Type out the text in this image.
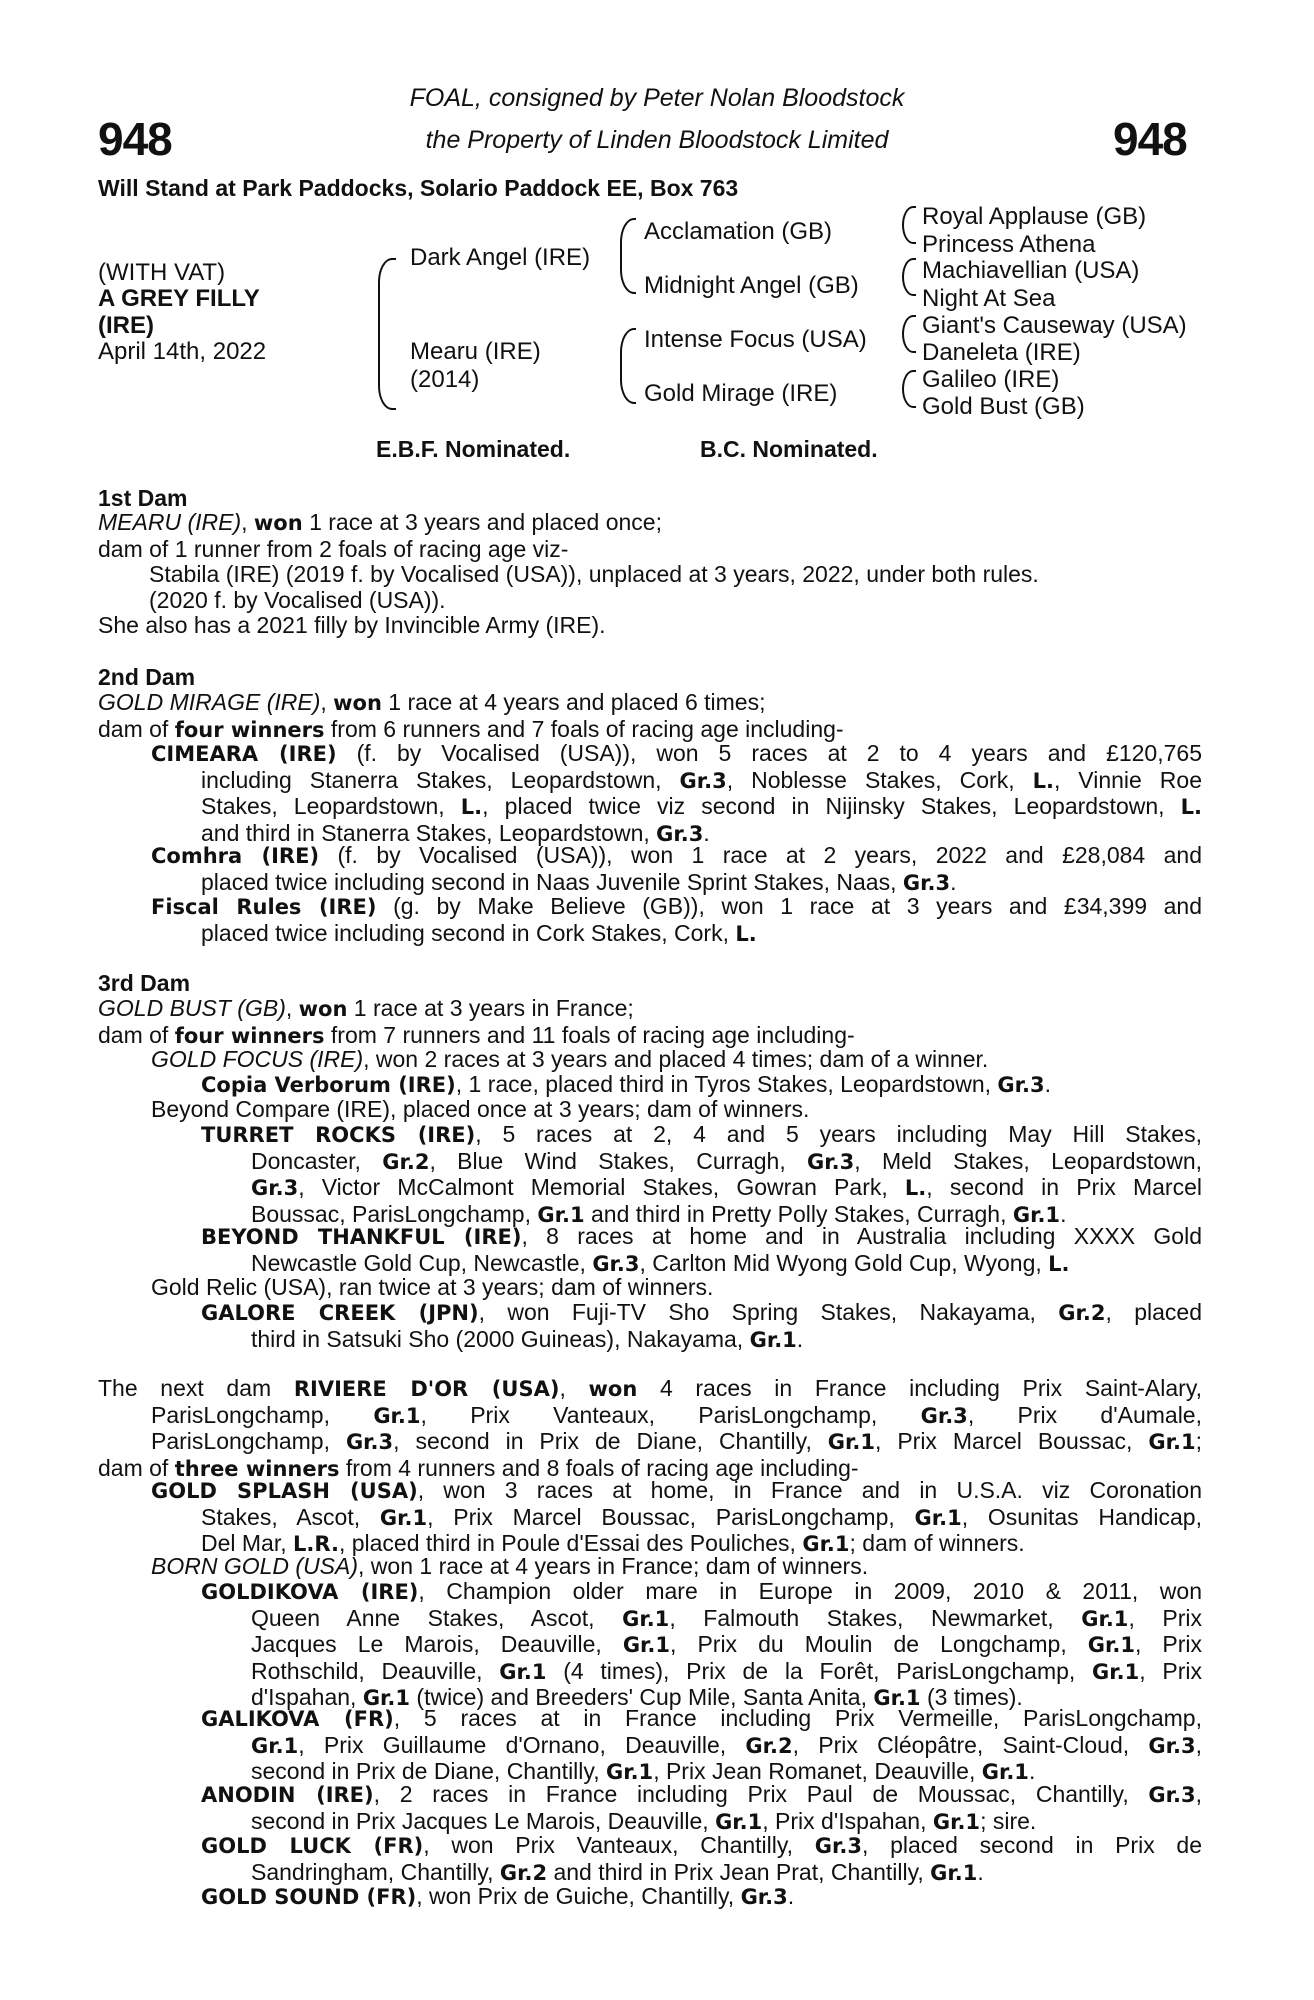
948	948
FOAL, consigned by Peter Nolan Bloodstock
the Property of Linden Bloodstock Limited
Will Stand at Park Paddocks, Solario Paddock EE, Box 763
(WITH VAT)
A GREY FILLY
(IRE)
April 14th, 2022
Dark Angel (IRE)
Mearu (IRE)
(2014)
Acclamation (GB)
Midnight Angel (GB)
Intense Focus (USA)
Gold Mirage (IRE)
Royal Applause (GB)
Princess Athena
Machiavellian (USA)
Night At Sea
Giant's Causeway (USA)
Daneleta (IRE)
Galileo (IRE)
Gold Bust (GB)
E.B.F. Nominated.	B.C. Nominated.
1st Dam
MEARU (IRE), won 1 race at 3 years and placed once;
dam of 1 runner from 2 foals of racing age viz-
Stabila (IRE) (2019 f. by Vocalised (USA)), unplaced at 3 years, 2022, under both rules.
(2020 f. by Vocalised (USA)).
She also has a 2021 filly by Invincible Army (IRE).
2nd Dam
GOLD MIRAGE (IRE), won 1 race at 4 years and placed 6 times;
dam of four winners from 6 runners and 7 foals of racing age including-
CIMEARA (IRE) (f. by Vocalised (USA)), won 5 races at 2 to 4 years and £120,765
including Stanerra Stakes, Leopardstown, Gr.3, Noblesse Stakes, Cork, L., Vinnie Roe
Stakes, Leopardstown, L., placed twice viz second in Nijinsky Stakes, Leopardstown, L.
and third in Stanerra Stakes, Leopardstown, Gr.3.
Comhra (IRE) (f. by Vocalised (USA)), won 1 race at 2 years, 2022 and £28,084 and
placed twice including second in Naas Juvenile Sprint Stakes, Naas, Gr.3.
Fiscal Rules (IRE) (g. by Make Believe (GB)), won 1 race at 3 years and £34,399 and
placed twice including second in Cork Stakes, Cork, L.
3rd Dam
GOLD BUST (GB), won 1 race at 3 years in France;
dam of four winners from 7 runners and 11 foals of racing age including-
GOLD FOCUS (IRE), won 2 races at 3 years and placed 4 times; dam of a winner.
Copia Verborum (IRE), 1 race, placed third in Tyros Stakes, Leopardstown, Gr.3.
Beyond Compare (IRE), placed once at 3 years; dam of winners.
TURRET ROCKS (IRE), 5 races at 2, 4 and 5 years including May Hill Stakes,
Doncaster, Gr.2, Blue Wind Stakes, Curragh, Gr.3, Meld Stakes, Leopardstown,
Gr.3, Victor McCalmont Memorial Stakes, Gowran Park, L., second in Prix Marcel
Boussac, ParisLongchamp, Gr.1 and third in Pretty Polly Stakes, Curragh, Gr.1.
BEYOND THANKFUL (IRE), 8 races at home and in Australia including XXXX Gold
Newcastle Gold Cup, Newcastle, Gr.3, Carlton Mid Wyong Gold Cup, Wyong, L.
Gold Relic (USA), ran twice at 3 years; dam of winners.
GALORE CREEK (JPN), won Fuji-TV Sho Spring Stakes, Nakayama, Gr.2, placed
third in Satsuki Sho (2000 Guineas), Nakayama, Gr.1.
The next dam RIVIERE D'OR (USA), won 4 races in France including Prix Saint-Alary,
ParisLongchamp, Gr.1, Prix Vanteaux, ParisLongchamp, Gr.3, Prix d'Aumale,
ParisLongchamp, Gr.3, second in Prix de Diane, Chantilly, Gr.1, Prix Marcel Boussac, Gr.1;
dam of three winners from 4 runners and 8 foals of racing age including-
GOLD SPLASH (USA), won 3 races at home, in France and in U.S.A. viz Coronation
Stakes, Ascot, Gr.1, Prix Marcel Boussac, ParisLongchamp, Gr.1, Osunitas Handicap,
Del Mar, L.R., placed third in Poule d'Essai des Pouliches, Gr.1; dam of winners.
BORN GOLD (USA), won 1 race at 4 years in France; dam of winners.
GOLDIKOVA (IRE), Champion older mare in Europe in 2009, 2010 & 2011, won
Queen Anne Stakes, Ascot, Gr.1, Falmouth Stakes, Newmarket, Gr.1, Prix
Jacques Le Marois, Deauville, Gr.1, Prix du Moulin de Longchamp, Gr.1, Prix
Rothschild, Deauville, Gr.1 (4 times), Prix de la Forêt, ParisLongchamp, Gr.1, Prix
d'Ispahan, Gr.1 (twice) and Breeders' Cup Mile, Santa Anita, Gr.1 (3 times).
GALIKOVA (FR), 5 races at in France including Prix Vermeille, ParisLongchamp,
Gr.1, Prix Guillaume d'Ornano, Deauville, Gr.2, Prix Cléopâtre, Saint-Cloud, Gr.3,
second in Prix de Diane, Chantilly, Gr.1, Prix Jean Romanet, Deauville, Gr.1.
ANODIN (IRE), 2 races in France including Prix Paul de Moussac, Chantilly, Gr.3,
second in Prix Jacques Le Marois, Deauville, Gr.1, Prix d'Ispahan, Gr.1; sire.
GOLD LUCK (FR), won Prix Vanteaux, Chantilly, Gr.3, placed second in Prix de
Sandringham, Chantilly, Gr.2 and third in Prix Jean Prat, Chantilly, Gr.1.
GOLD SOUND (FR), won Prix de Guiche, Chantilly, Gr.3.
